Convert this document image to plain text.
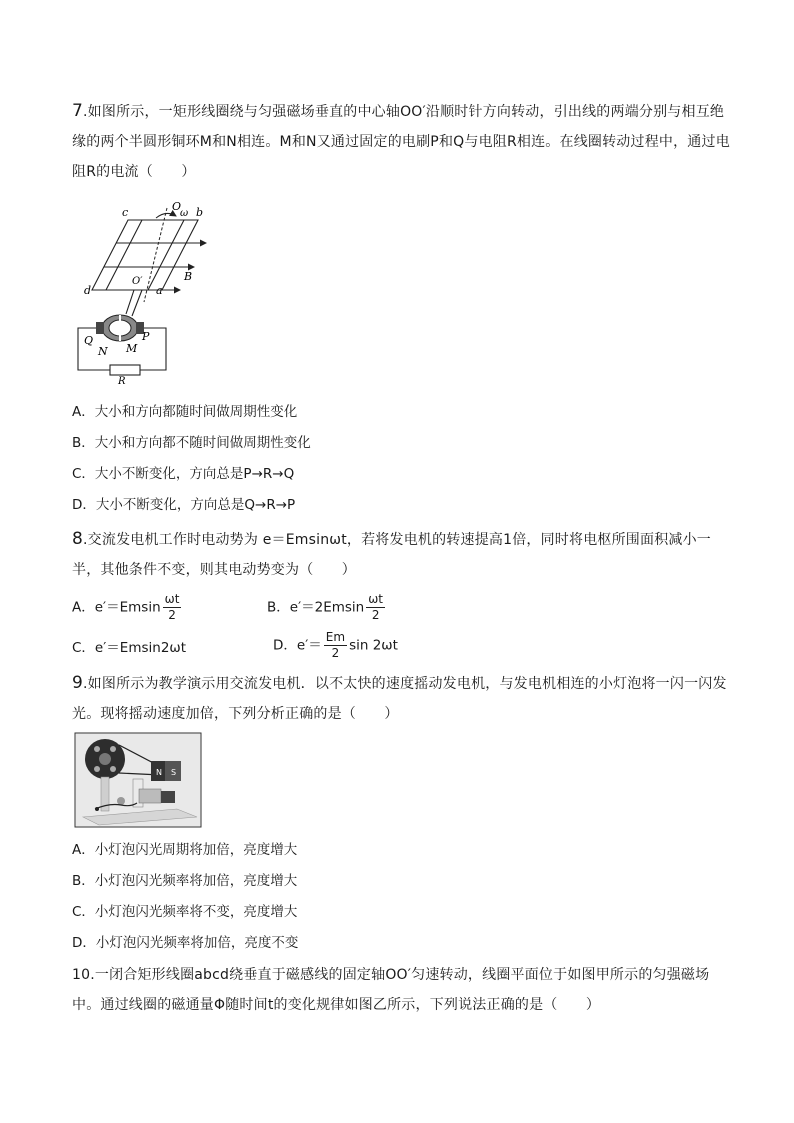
7.如图所示，一矩形线圈绕与匀强磁场垂直的中心轴OO′沿顺时针方向转动，引出线的两端分别与相互绝缘的两个半圆形铜环M和N相连。M和N又通过固定的电刷P和Q与电阻R相连。在线圈转动过程中，通过电阻R的电流（　　）
c	b
d	a
O
ω
B
O′
Q
N M
P
R
A．大小和方向都随时间做周期性变化
B．大小和方向都不随时间做周期性变化
C．大小不断变化，方向总是P→R→Q
D．大小不断变化，方向总是Q→R→P
8.交流发电机工作时电动势为 e＝Emsinωt，若将发电机的转速提高1倍，同时将电枢所围面积减小一半，其他条件不变，则其电动势变为（　　）
A．$e'=Emsin \frac{\omega t}{2}$	B．$e'=2Emsin \frac{\omega t}{2}$
C．e′＝Emsin2ωt	D．$e'= \frac{Em}{2}$ sin 2ωt
9.如图所示为教学演示用交流发电机．以不太快的速度摇动发电机，与发电机相连的小灯泡将一闪一闪发光。现将摇动速度加倍，下列分析正确的是（　　）
N S
A．小灯泡闪光周期将加倍，亮度增大
B．小灯泡闪光频率将加倍，亮度增大
C．小灯泡闪光频率将不变，亮度增大
D．小灯泡闪光频率将加倍，亮度不变
10.一闭合矩形线圈abcd绕垂直于磁感线的固定轴OO′匀速转动，线圈平面位于如图甲所示的匀强磁场中。通过线圈的磁通量Φ随时间t的变化规律如图乙所示，下列说法正确的是（　　）
